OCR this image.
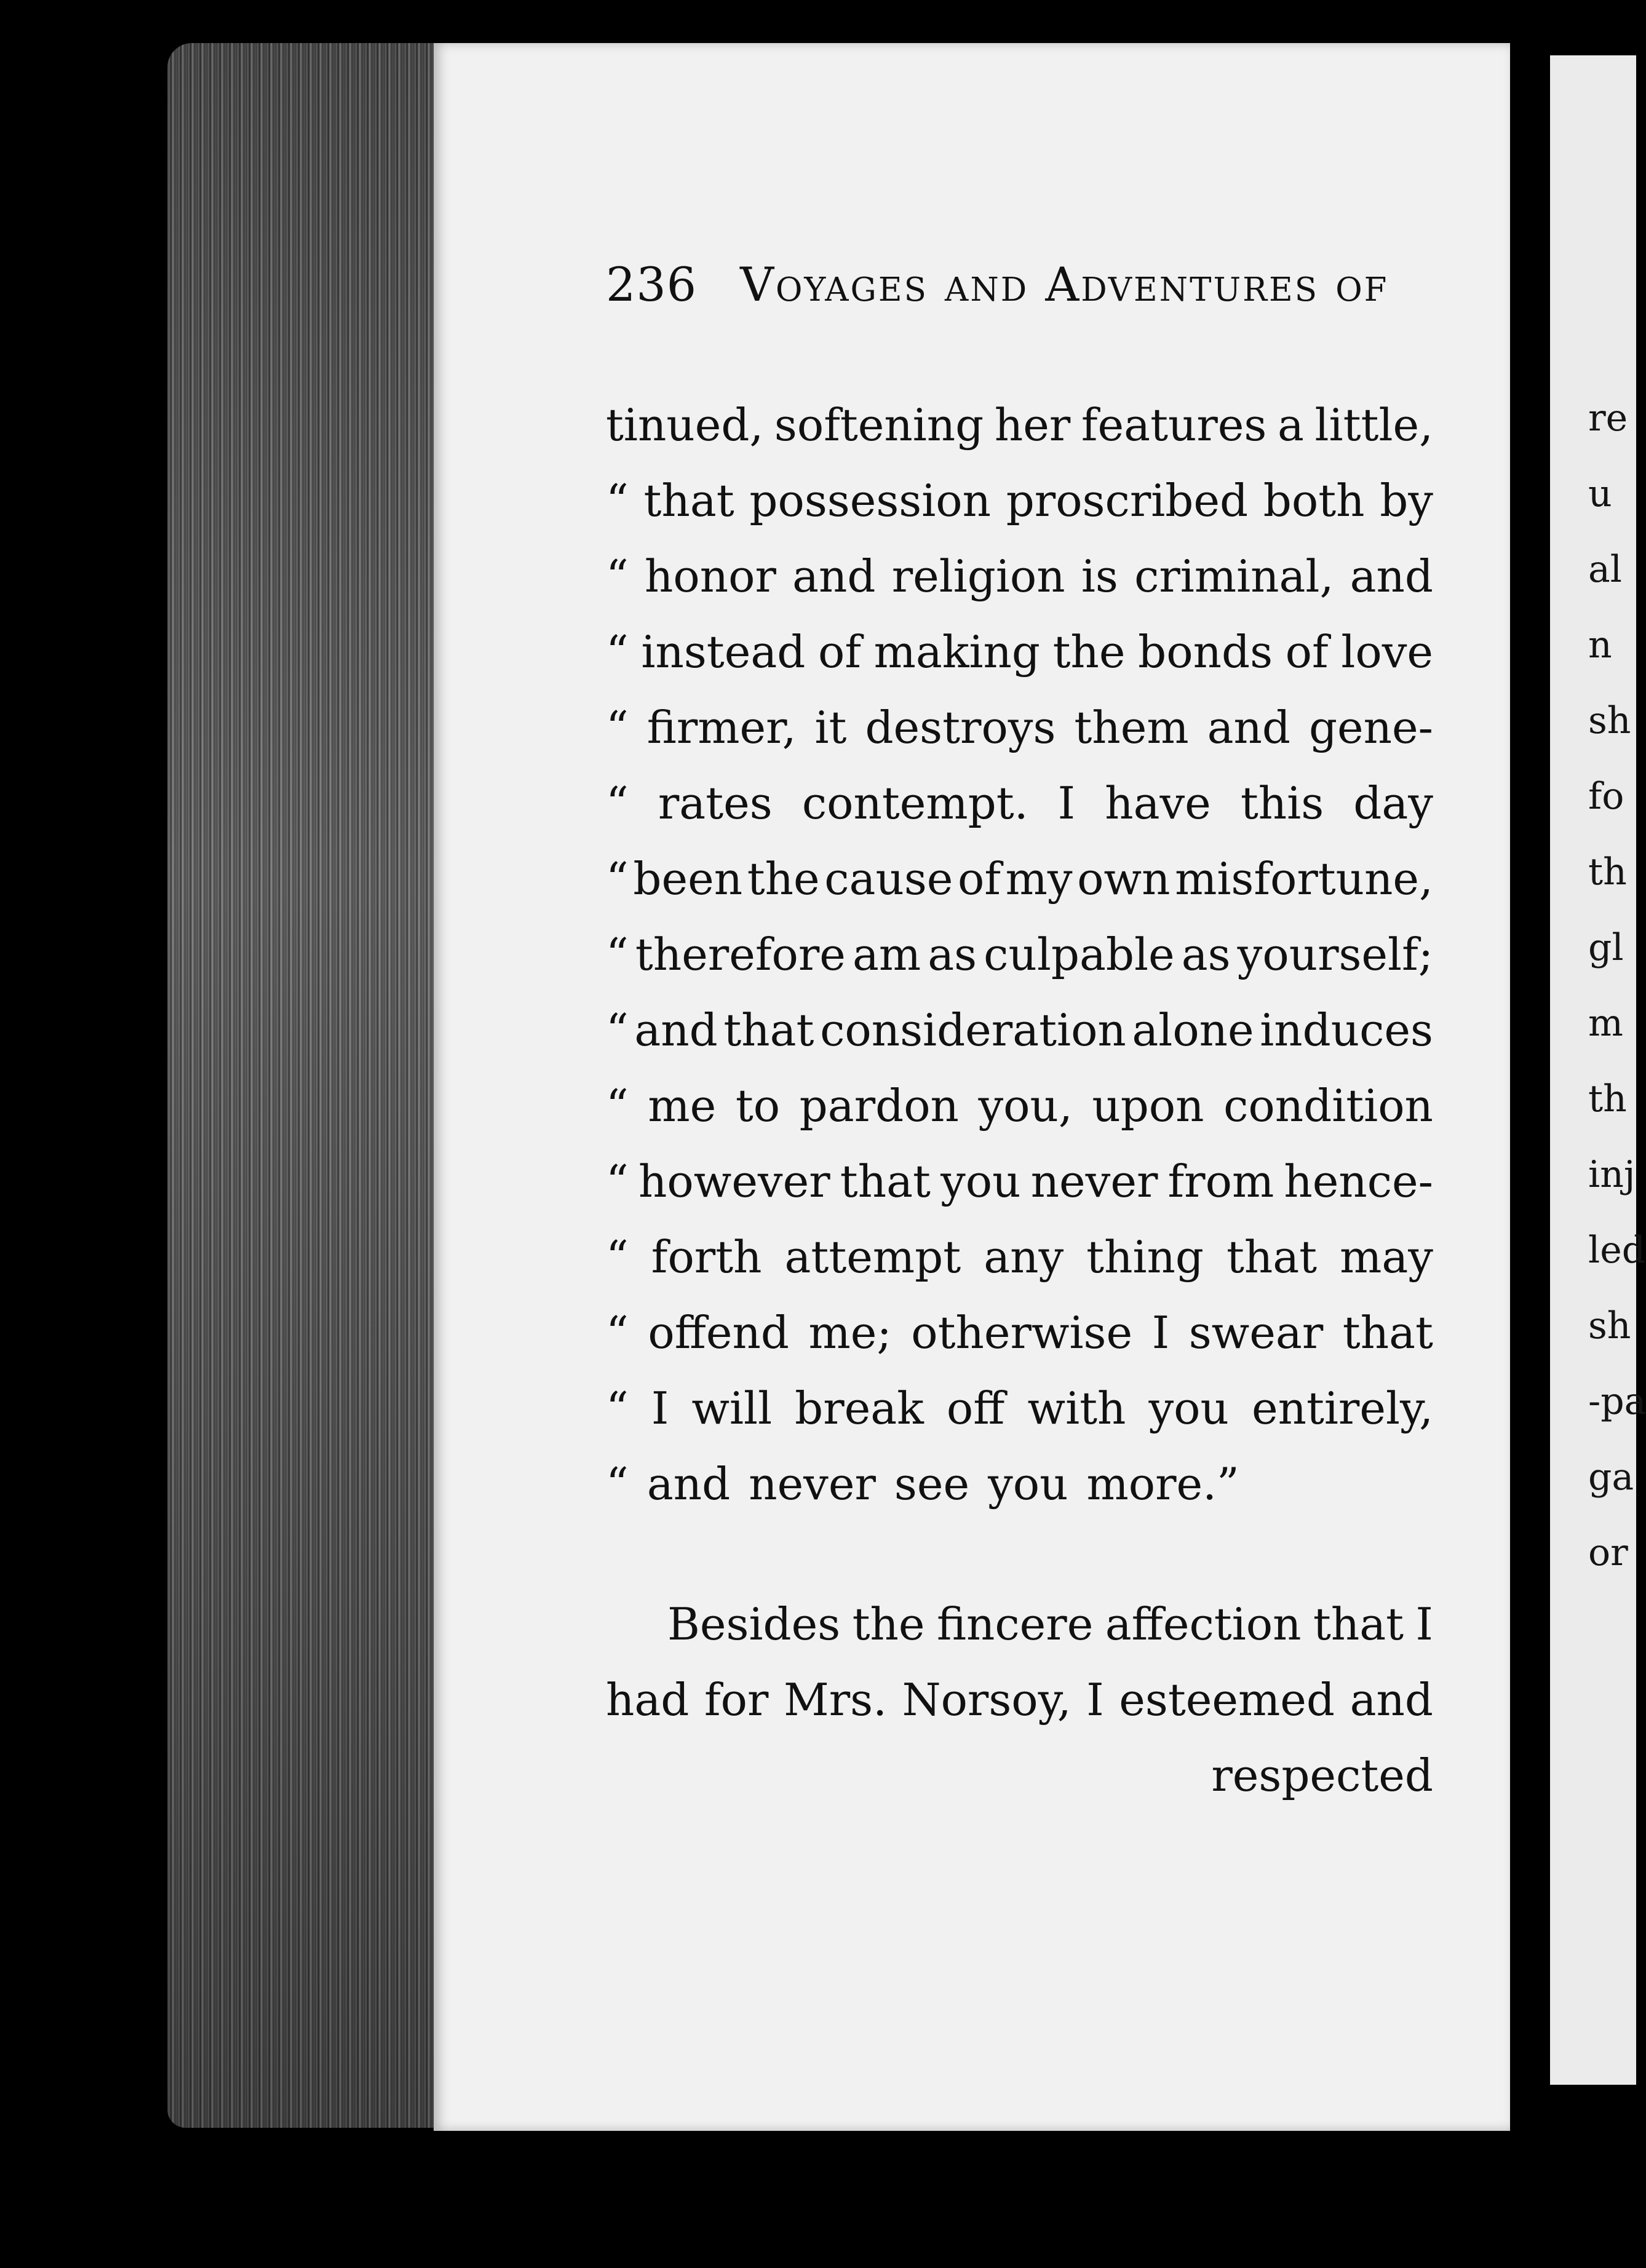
re
u
al
n
sh
fo
th
gl
m
th
inj
led
sh
-pa
ga
or
236 Voyages and Adventures of
tinued, softening her features a little,
“ that possession proscribed both by
“ honor and religion is criminal, and
“ instead of making the bonds of love
“ firmer, it destroys them and gene-
“ rates contempt. I have this day
“ been the cause of my own misfortune,
“ therefore am as culpable as yourself;
“ and that consideration alone induces
“ me to pardon you, upon condition
“ however that you never from hence-
“ forth attempt any thing that may
“ offend me; otherwise I swear that
“ I will break off with you entirely,
“ and never see you more.”
Besides the fincere affection that I
had for Mrs. Norsoy, I esteemed and
respected
